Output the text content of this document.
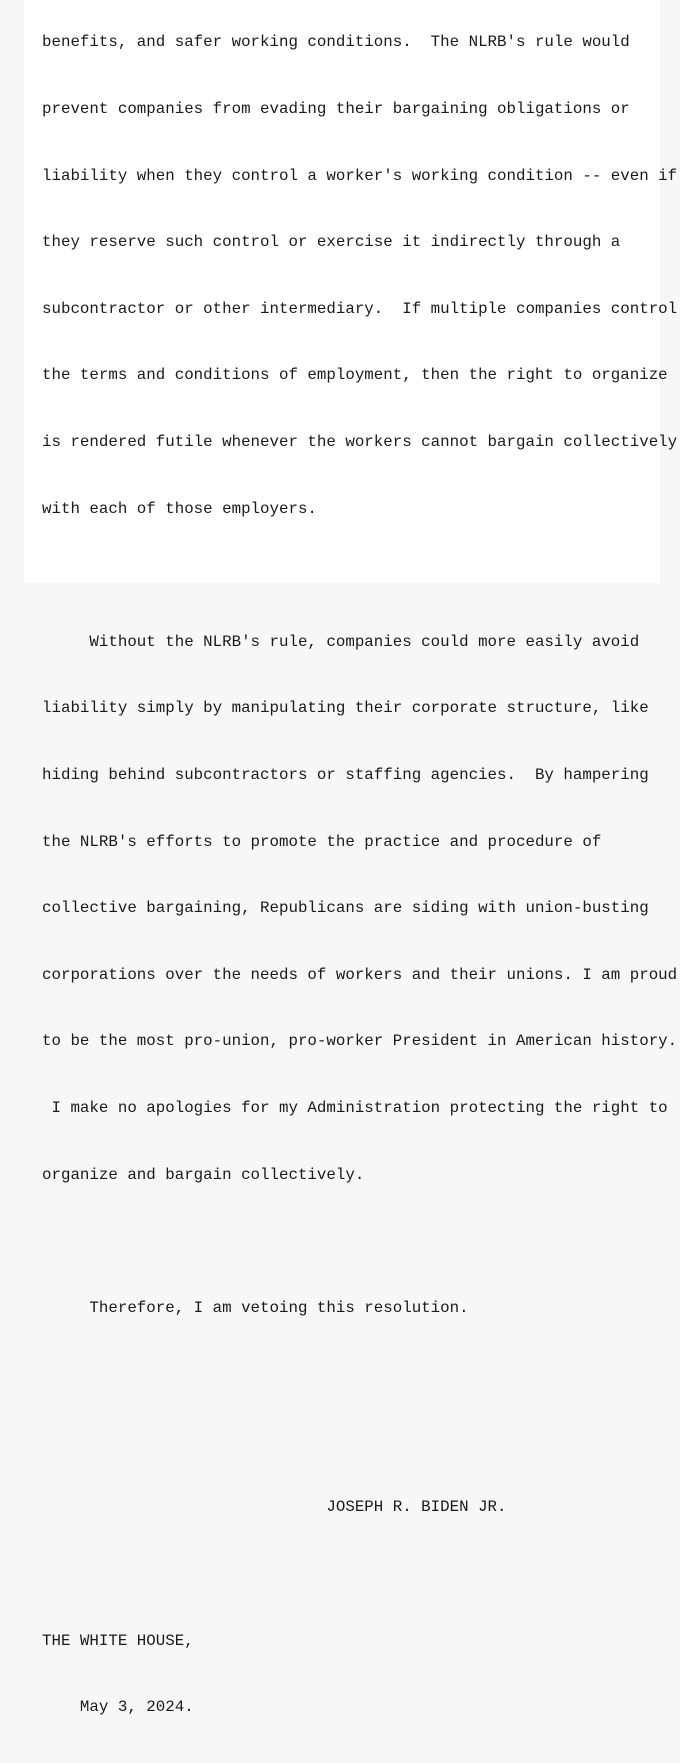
benefits, and safer working conditions.  The NLRB's rule would

prevent companies from evading their bargaining obligations or

liability when they control a worker's working condition -- even if

they reserve such control or exercise it indirectly through a

subcontractor or other intermediary.  If multiple companies control

the terms and conditions of employment, then the right to organize

is rendered futile whenever the workers cannot bargain collectively

with each of those employers.

Without the NLRB's rule, companies could more easily avoid

liability simply by manipulating their corporate structure, like

hiding behind subcontractors or staffing agencies.  By hampering

the NLRB's efforts to promote the practice and procedure of

collective bargaining, Republicans are siding with union-busting

corporations over the needs of workers and their unions. I am proud

to be the most pro-union, pro-worker President in American history.

I make no apologies for my Administration protecting the right to

organize and bargain collectively.

Therefore, I am vetoing this resolution.

JOSEPH R. BIDEN JR.

THE WHITE HOUSE,

May 3, 2024.
